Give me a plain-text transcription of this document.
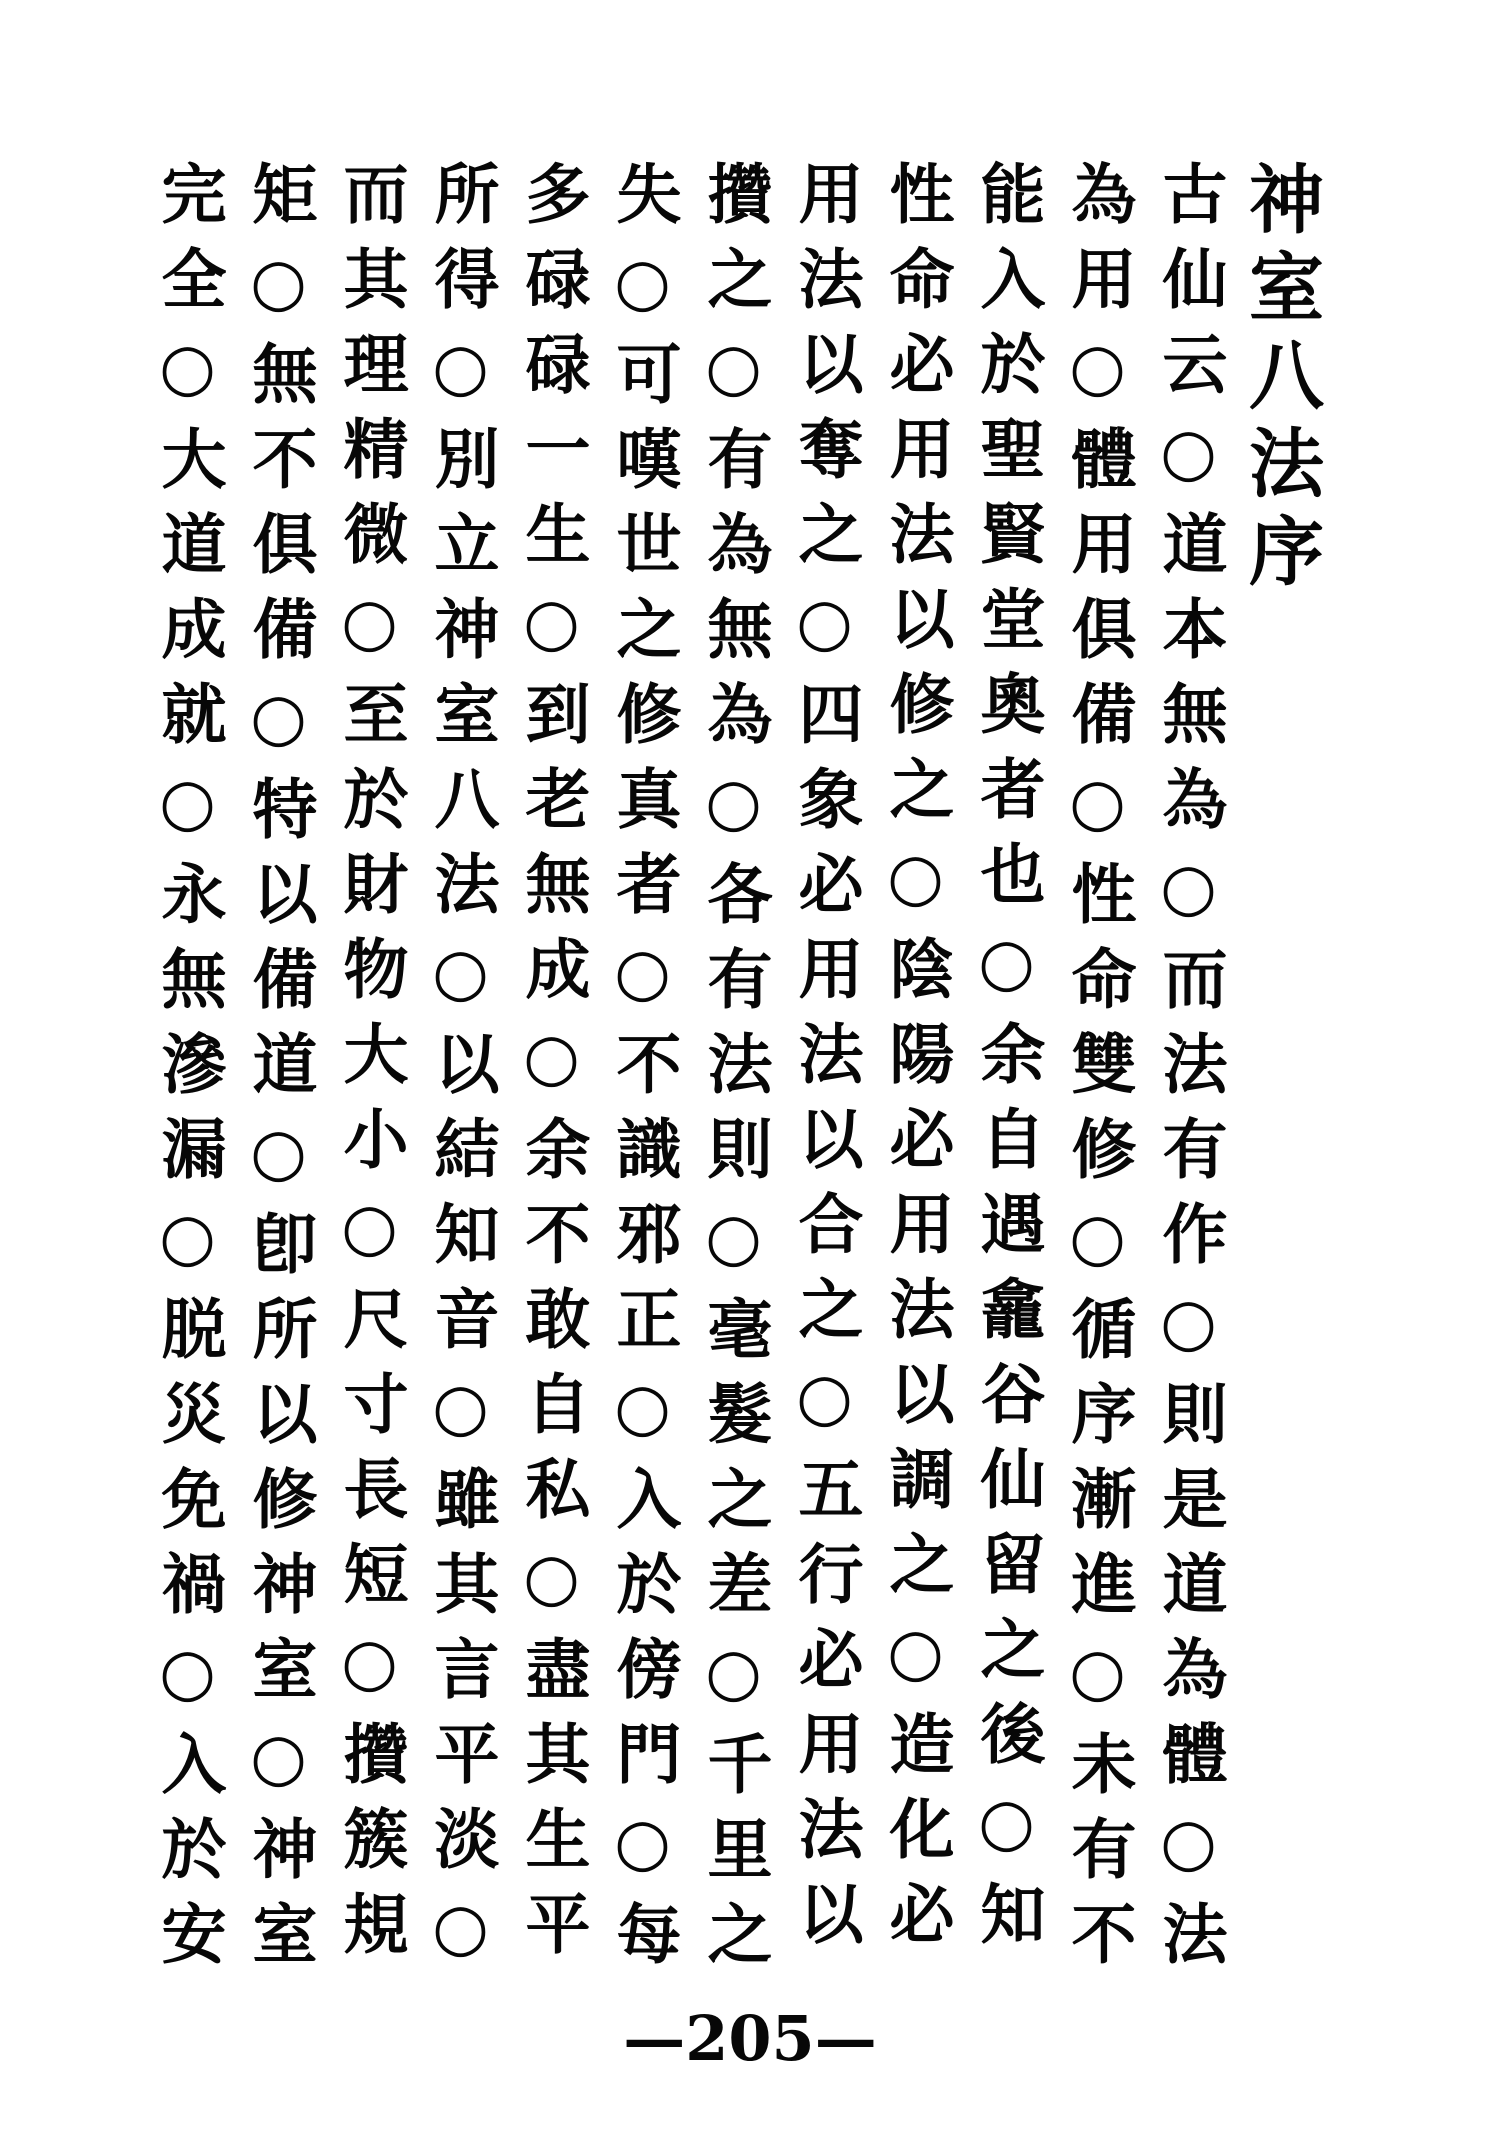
神室八法序
古仙云○道本無為○而法有作○則是道為體○法
為用○體用俱備○性命雙修○循序漸進○未有不
能入於聖賢堂奧者也○余自遇龕谷仙留之後○知
性命必用法以修之○陰陽必用法以調之○造化必
用法以奪之○四象必用法以合之○五行必用法以
攢之○有為無為○各有法則○毫髮之差○千里之
失○可嘆世之修真者○不識邪正○入於傍門○每
多碌碌一生○到老無成○余不敢自私○盡其生平
所得○別立神室八法○以結知音○雖其言平淡○
而其理精微○至於財物大小○尺寸長短○攢簇規
矩○無不俱備○特以備道○卽所以修神室○神室
完全○大道成就○永無滲漏○脱災免禍○入於安
—205—
